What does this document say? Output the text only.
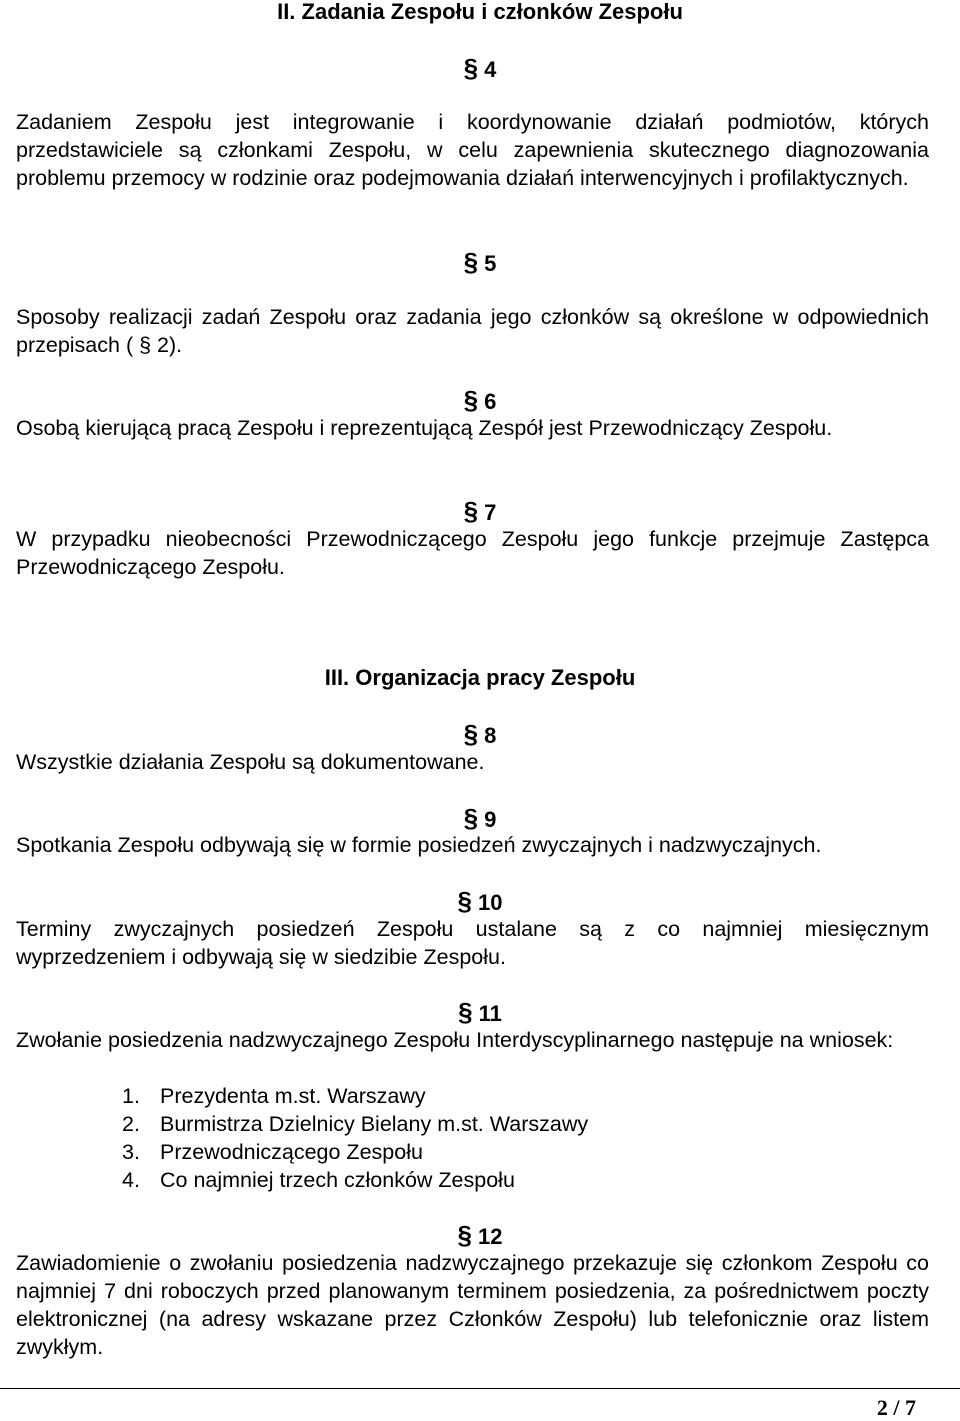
II. Zadania Zespołu i członków Zespołu
§ 4

Zadaniem Zespołu jest integrowanie i koordynowanie działań podmiotów, których przedstawiciele są członkami Zespołu, w celu zapewnienia skutecznego diagnozowania problemu przemocy w rodzinie oraz podejmowania działań interwencyjnych i profilaktycznych.

§ 5

Sposoby realizacji zadań Zespołu oraz zadania jego członków są określone w odpowiednich przepisach ( § 2).

§ 6

Osobą kierującą pracą Zespołu i reprezentującą Zespół jest Przewodniczący Zespołu.

§ 7

W przypadku nieobecności Przewodniczącego Zespołu jego funkcje przejmuje Zastępca Przewodniczącego Zespołu.

III. Organizacja pracy Zespołu
§ 8

Wszystkie działania Zespołu są dokumentowane.

§ 9

Spotkania Zespołu odbywają się w formie posiedzeń zwyczajnych i nadzwyczajnych.

§ 10

Terminy zwyczajnych posiedzeń Zespołu ustalane są z co najmniej miesięcznym wyprzedzeniem i odbywają się w siedzibie Zespołu.

§ 11

Zwołanie posiedzenia nadzwyczajnego Zespołu Interdyscyplinarnego następuje na wniosek:

1. Prezydenta m.st. Warszawy
2. Burmistrza Dzielnicy Bielany m.st. Warszawy
3. Przewodniczącego Zespołu
4. Co najmniej trzech członków Zespołu
§ 12

Zawiadomienie o zwołaniu posiedzenia nadzwyczajnego przekazuje się członkom Zespołu co najmniej 7 dni roboczych przed planowanym terminem posiedzenia, za pośrednictwem poczty elektronicznej (na adresy wskazane przez Członków Zespołu) lub telefonicznie oraz listem zwykłym.

2 / 7
